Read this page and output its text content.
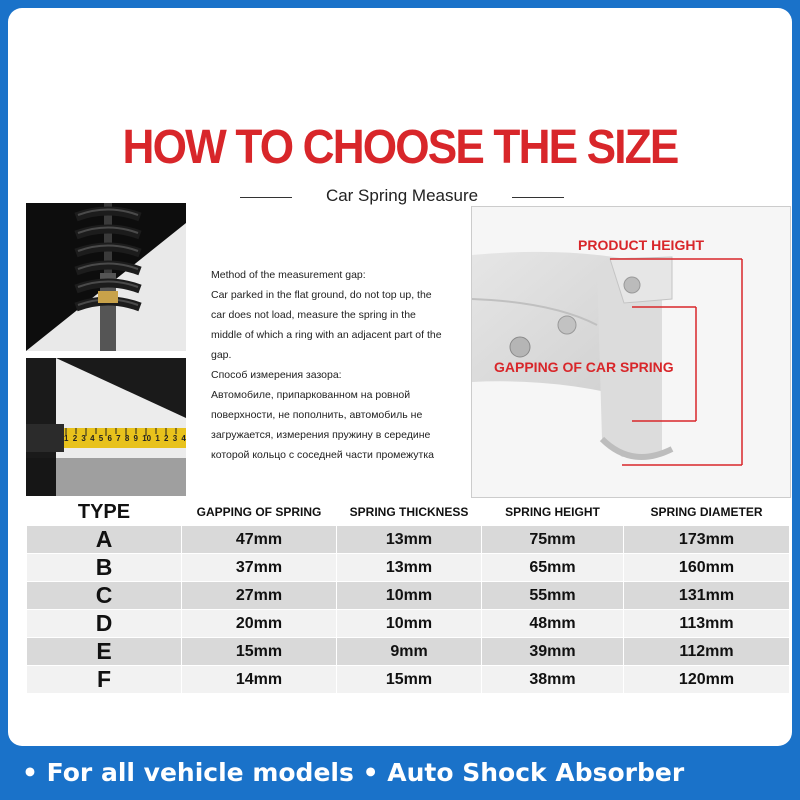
HOW TO CHOOSE THE SIZE
Car Spring Measure
1 2 3 4 5 6 7 8 9 10 1 2 3 4
Method of the measurement gap:
Car parked in the flat ground, do not top up, the
car does not load, measure the spring in the
middle of which a ring with an adjacent part of the
gap.
Способ измерения зазора:
Автомобиле, припаркованном на ровной
поверхности, не пополнить, автомобиль не
загружается, измерения пружину в середине
которой кольцо с соседней части промежутка
PRODUCT HEIGHT
GAPPING OF CAR SPRING
TYPE	GAPPING OF SPRING	SPRING THICKNESS	SPRING HEIGHT	SPRING DIAMETER
A	47mm	13mm	75mm	173mm
B	37mm	13mm	65mm	160mm
C	27mm	10mm	55mm	131mm
D	20mm	10mm	48mm	113mm
E	15mm	9mm	39mm	112mm
F	14mm	15mm	38mm	120mm
• For all vehicle models • Auto Shock Absorber
